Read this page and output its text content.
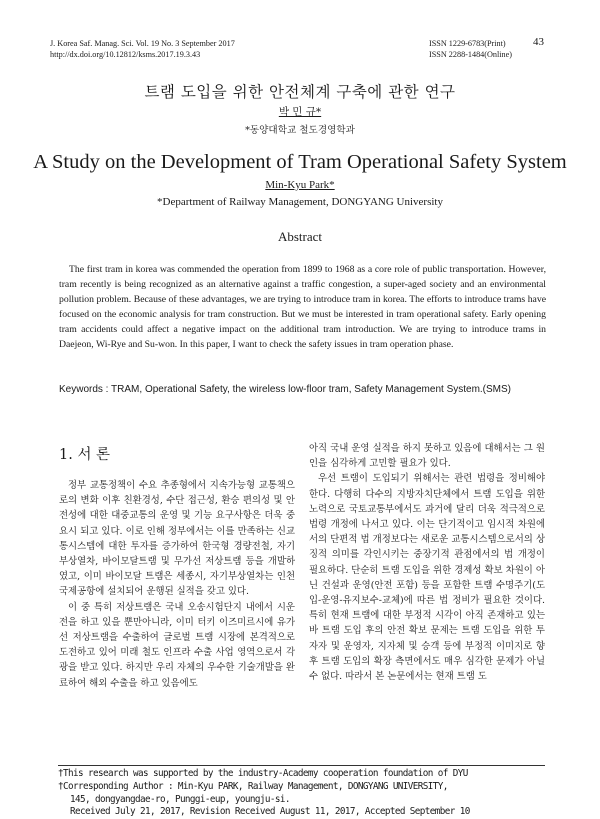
J. Korea Saf. Manag. Sci. Vol. 19 No. 3 September 2017
http://dx.doi.org/10.12812/ksms.2017.19.3.43
ISSN 1229-6783(Print)
ISSN 2288-1484(Online)
43
트램 도입을 위한 안전체계 구축에 관한 연구
박 민 규*
*동양대학교 철도경영학과
A Study on the Development of Tram Operational Safety System
Min-Kyu Park*
*Department of Railway Management, DONGYANG University
Abstract
The first tram in korea was commended the operation from 1899 to 1968 as a core role of public transportation. However, tram recently is being recognized as an alternative against a traffic congestion, a super-aged society and an environmental pollution problem. Because of these advantages, we are trying to introduce tram in korea. The efforts to introduce trams have focused on the economic analysis for tram construction. But we must be interested in tram operational safety. Early opening tram accidents could affect a negative impact on the additional tram introduction. We are trying to introduce trams in Daejeon, Wi-Rye and Su-won. In this paper, I want to check the safety issues in tram operation phase.
Keywords : TRAM, Operational Safety, the wireless low-floor tram, Safety Management System.(SMS)
1. 서 론

정부 교통정책이 수요 추종형에서 지속가능형 교통책으로의 변화 이후 친환경성, 수단 접근성, 환승 편의성 및 안전성에 대한 대중교통의 운영 및 기능 요구사항은 더욱 중요시 되고 있다. 이로 인해 정부에서는 이를 만족하는 신교통시스템에 대한 투자를 증가하여 한국형 경량전철, 자기부상열차, 바이모달트램 및 무가선 저상트램 등을 개발하였고, 이미 바이모달 트램은 세종시, 자기부상열차는 인천국제공항에 설치되어 운행된 실적을 갖고 있다.

이 중 특히 저상트램은 국내 오송시험단지 내에서 시운전을 하고 있을 뿐만아니라, 이미 터키 이즈미르시에 유가선 저상트램을 수출하여 글로벌 트램 시장에 본격적으로 도전하고 있어 미래 철도 인프라 수출 사업 영역으로서 각광을 받고 있다. 하지만 우리 자체의 우수한 기술개발을 완료하여 해외 수출을 하고 있음에도

아직 국내 운영 실적을 하지 못하고 있음에 대해서는 그 원인을 심각하게 고민할 필요가 있다.

우선 트램이 도입되기 위해서는 관련 법령을 정비해야 한다. 다행히 다수의 지방자치단체에서 트램 도입을 위한 노력으로 국토교통부에서도 과거에 달리 더욱 적극적으로 법령 개정에 나서고 있다. 이는 단기적이고 임시적 차원에서의 단편적 법 개정보다는 새로운 교통시스템으로서의 상징적 의미를 각인시키는 중장기적 관점에서의 법 개정이 필요하다. 단순히 트램 도입을 위한 경제성 확보 차원이 아닌 건설과 운영(안전 포함) 등을 포함한 트램 수명주기(도입-운영-유지보수-교체)에 따른 법 정비가 필요한 것이다. 특히 현재 트램에 대한 부정적 시각이 아직 존재하고 있는 바 트램 도입 후의 안전 확보 문제는 트램 도입을 위한 투자자 및 운영자, 지자체 및 승객 등에 부정적 이미지로 향후 트램 도입의 확장 측면에서도 매우 심각한 문제가 아닐 수 없다. 따라서 본 논문에서는 현재 트램 도

†This research was supported by the industry-Academy cooperation foundation of DYU
†Corresponding Author : Min-Kyu PARK, Railway Management, DONGYANG UNIVERSITY,
145, dongyangdae-ro, Punggi-eup, youngju-si.
Received July 21, 2017, Revision Received August 11, 2017, Accepted September 10
